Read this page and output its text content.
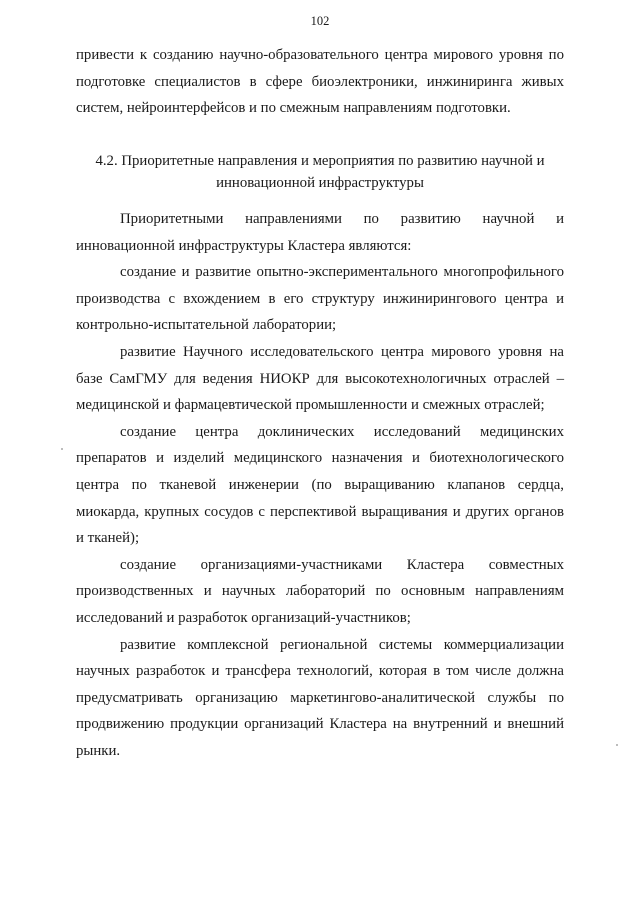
102

привести к созданию научно-образовательного центра мирового уровня по подготовке специалистов в сфере биоэлектроники, инжиниринга живых систем, нейроинтерфейсов и по смежным направлениям подготовки.

4.2. Приоритетные направления и мероприятия по развитию научной и
инновационной инфраструктуры

Приоритетными направлениями по развитию научной и инновационной инфраструктуры Кластера являются:

создание и развитие опытно-экспериментального многопрофильного производства с вхождением в его структуру инжинирингового центра и контрольно-испытательной лаборатории;

развитие Научного исследовательского центра мирового уровня на базе СамГМУ для ведения НИОКР для высокотехнологичных отраслей – медицинской и фармацевтической промышленности и смежных отраслей;

создание центра доклинических исследований медицинских препаратов и изделий медицинского назначения и биотехнологического центра по тканевой инженерии (по выращиванию клапанов сердца, миокарда, крупных сосудов с перспективой выращивания и других органов и тканей);

создание организациями-участниками Кластера совместных производственных и научных лабораторий по основным направлениям исследований и разработок организаций-участников;

развитие комплексной региональной системы коммерциализации научных разработок и трансфера технологий, которая в том числе должна предусматривать организацию маркетингово-аналитической службы по продвижению продукции организаций Кластера на внутренний и внешний рынки.
